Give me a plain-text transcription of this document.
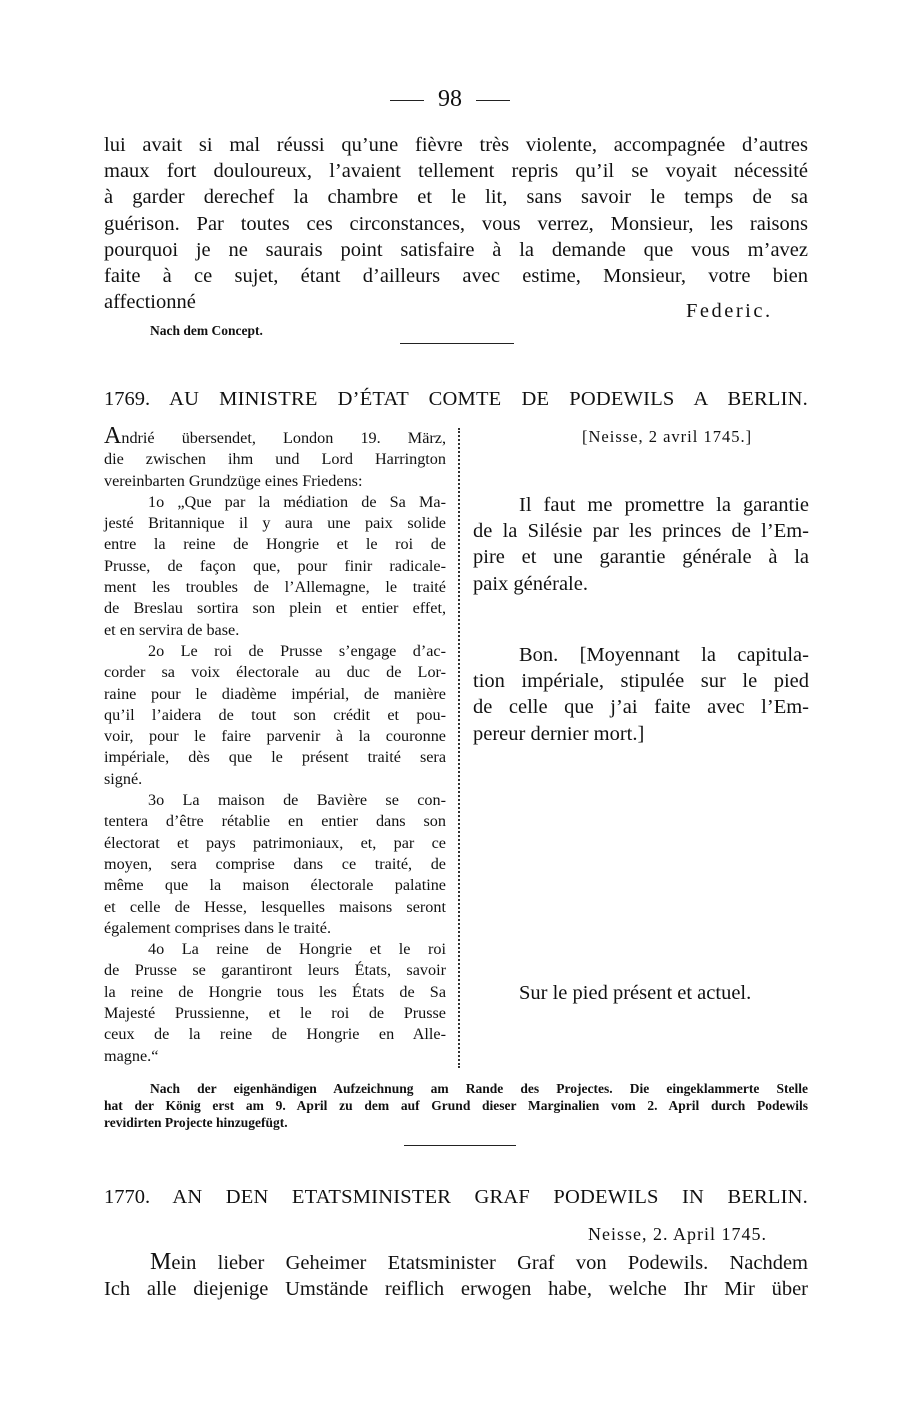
98
lui avait si mal réussi qu’une fièvre très violente, accompagnée d’autres
maux fort douloureux, l’avaient tellement repris qu’il se voyait nécessité
à garder derechef la chambre et le lit, sans savoir le temps de sa
guérison. Par toutes ces circonstances, vous verrez, Monsieur, les raisons
pourquoi je ne saurais point satisfaire à la demande que vous m’avez
faite à ce sujet, étant d’ailleurs avec estime, Monsieur, votre bien
affectionné	Federic.
Nach dem Concept.
1769. AU MINISTRE D’ÉTAT COMTE DE PODEWILS A BERLIN.
Andrié übersendet, London 19. März,
die zwischen ihm und Lord Harrington
vereinbarten Grundzüge eines Friedens:
1o „Que par la médiation de Sa Ma-
jesté Britannique il y aura une paix solide
entre la reine de Hongrie et le roi de
Prusse, de façon que, pour finir radicale-
ment les troubles de l’Allemagne, le traité
de Breslau sortira son plein et entier effet,
et en servira de base.
2o Le roi de Prusse s’engage d’ac-
corder sa voix électorale au duc de Lor-
raine pour le diadème impérial, de manière
qu’il l’aidera de tout son crédit et pou-
voir, pour le faire parvenir à la couronne
impériale, dès que le présent traité sera
signé.
3o La maison de Bavière se con-
tentera d’être rétablie en entier dans son
électorat et pays patrimoniaux, et, par ce
moyen, sera comprise dans ce traité, de
même que la maison électorale palatine
et celle de Hesse, lesquelles maisons seront
également comprises dans le traité.
4o La reine de Hongrie et le roi
de Prusse se garantiront leurs États, savoir
la reine de Hongrie tous les États de Sa
Majesté Prussienne, et le roi de Prusse
ceux de la reine de Hongrie en Alle-
magne.“
[Neisse, 2 avril 1745.]
Il faut me promettre la garantie
de la Silésie par les princes de l’Em-
pire et une garantie générale à la
paix générale.
Bon. [Moyennant la capitula-
tion impériale, stipulée sur le pied
de celle que j’ai faite avec l’Em-
pereur dernier mort.]
Sur le pied présent et actuel.
Nach der eigenhändigen Aufzeichnung am Rande des Projectes. Die eingeklammerte Stelle
hat der König erst am 9. April zu dem auf Grund dieser Marginalien vom 2. April durch Podewils
revidirten Projecte hinzugefügt.
1770. AN DEN ETATSMINISTER GRAF PODEWILS IN BERLIN.
Neisse, 2. April 1745.
Mein lieber Geheimer Etatsminister Graf von Podewils. Nachdem
Ich alle diejenige Umstände reiflich erwogen habe, welche Ihr Mir über
